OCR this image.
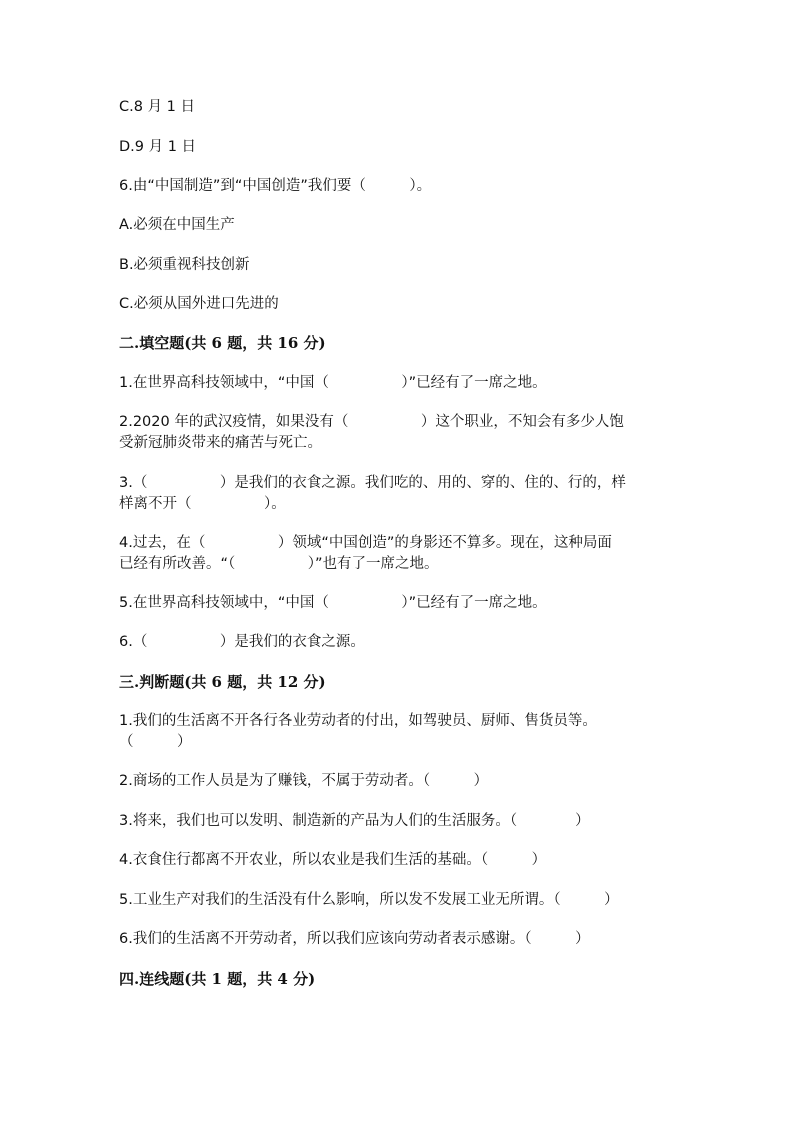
C.8 月 1 日
D.9 月 1 日
6.由“中国制造”到“中国创造”我们要（　　　）。
A.必须在中国生产
B.必须重视科技创新
C.必须从国外进口先进的
二.填空题(共 6 题，共 16 分)
1.在世界高科技领域中，“中国（　　　　　）”已经有了一席之地。
2.2020 年的武汉疫情，如果没有（　　　　　）这个职业，不知会有多少人饱
受新冠肺炎带来的痛苦与死亡。
3.（　　　　　）是我们的衣食之源。我们吃的、用的、穿的、住的、行的，样
样离不开（　　　　　）。
4.过去，在（　　　　　）领域“中国创造”的身影还不算多。现在，这种局面
已经有所改善。“（　　　　　）”也有了一席之地。
5.在世界高科技领域中，“中国（　　　　　）”已经有了一席之地。
6.（　　　　　）是我们的衣食之源。
三.判断题(共 6 题，共 12 分)
1.我们的生活离不开各行各业劳动者的付出，如驾驶员、厨师、售货员等。
（　　　）
2.商场的工作人员是为了赚钱，不属于劳动者。（　　　）
3.将来，我们也可以发明、制造新的产品为人们的生活服务。（　　　　）
4.衣食住行都离不开农业，所以农业是我们生活的基础。（　　　）
5.工业生产对我们的生活没有什么影响，所以发不发展工业无所谓。（　　　）
6.我们的生活离不开劳动者，所以我们应该向劳动者表示感谢。（　　　）
四.连线题(共 1 题，共 4 分)
